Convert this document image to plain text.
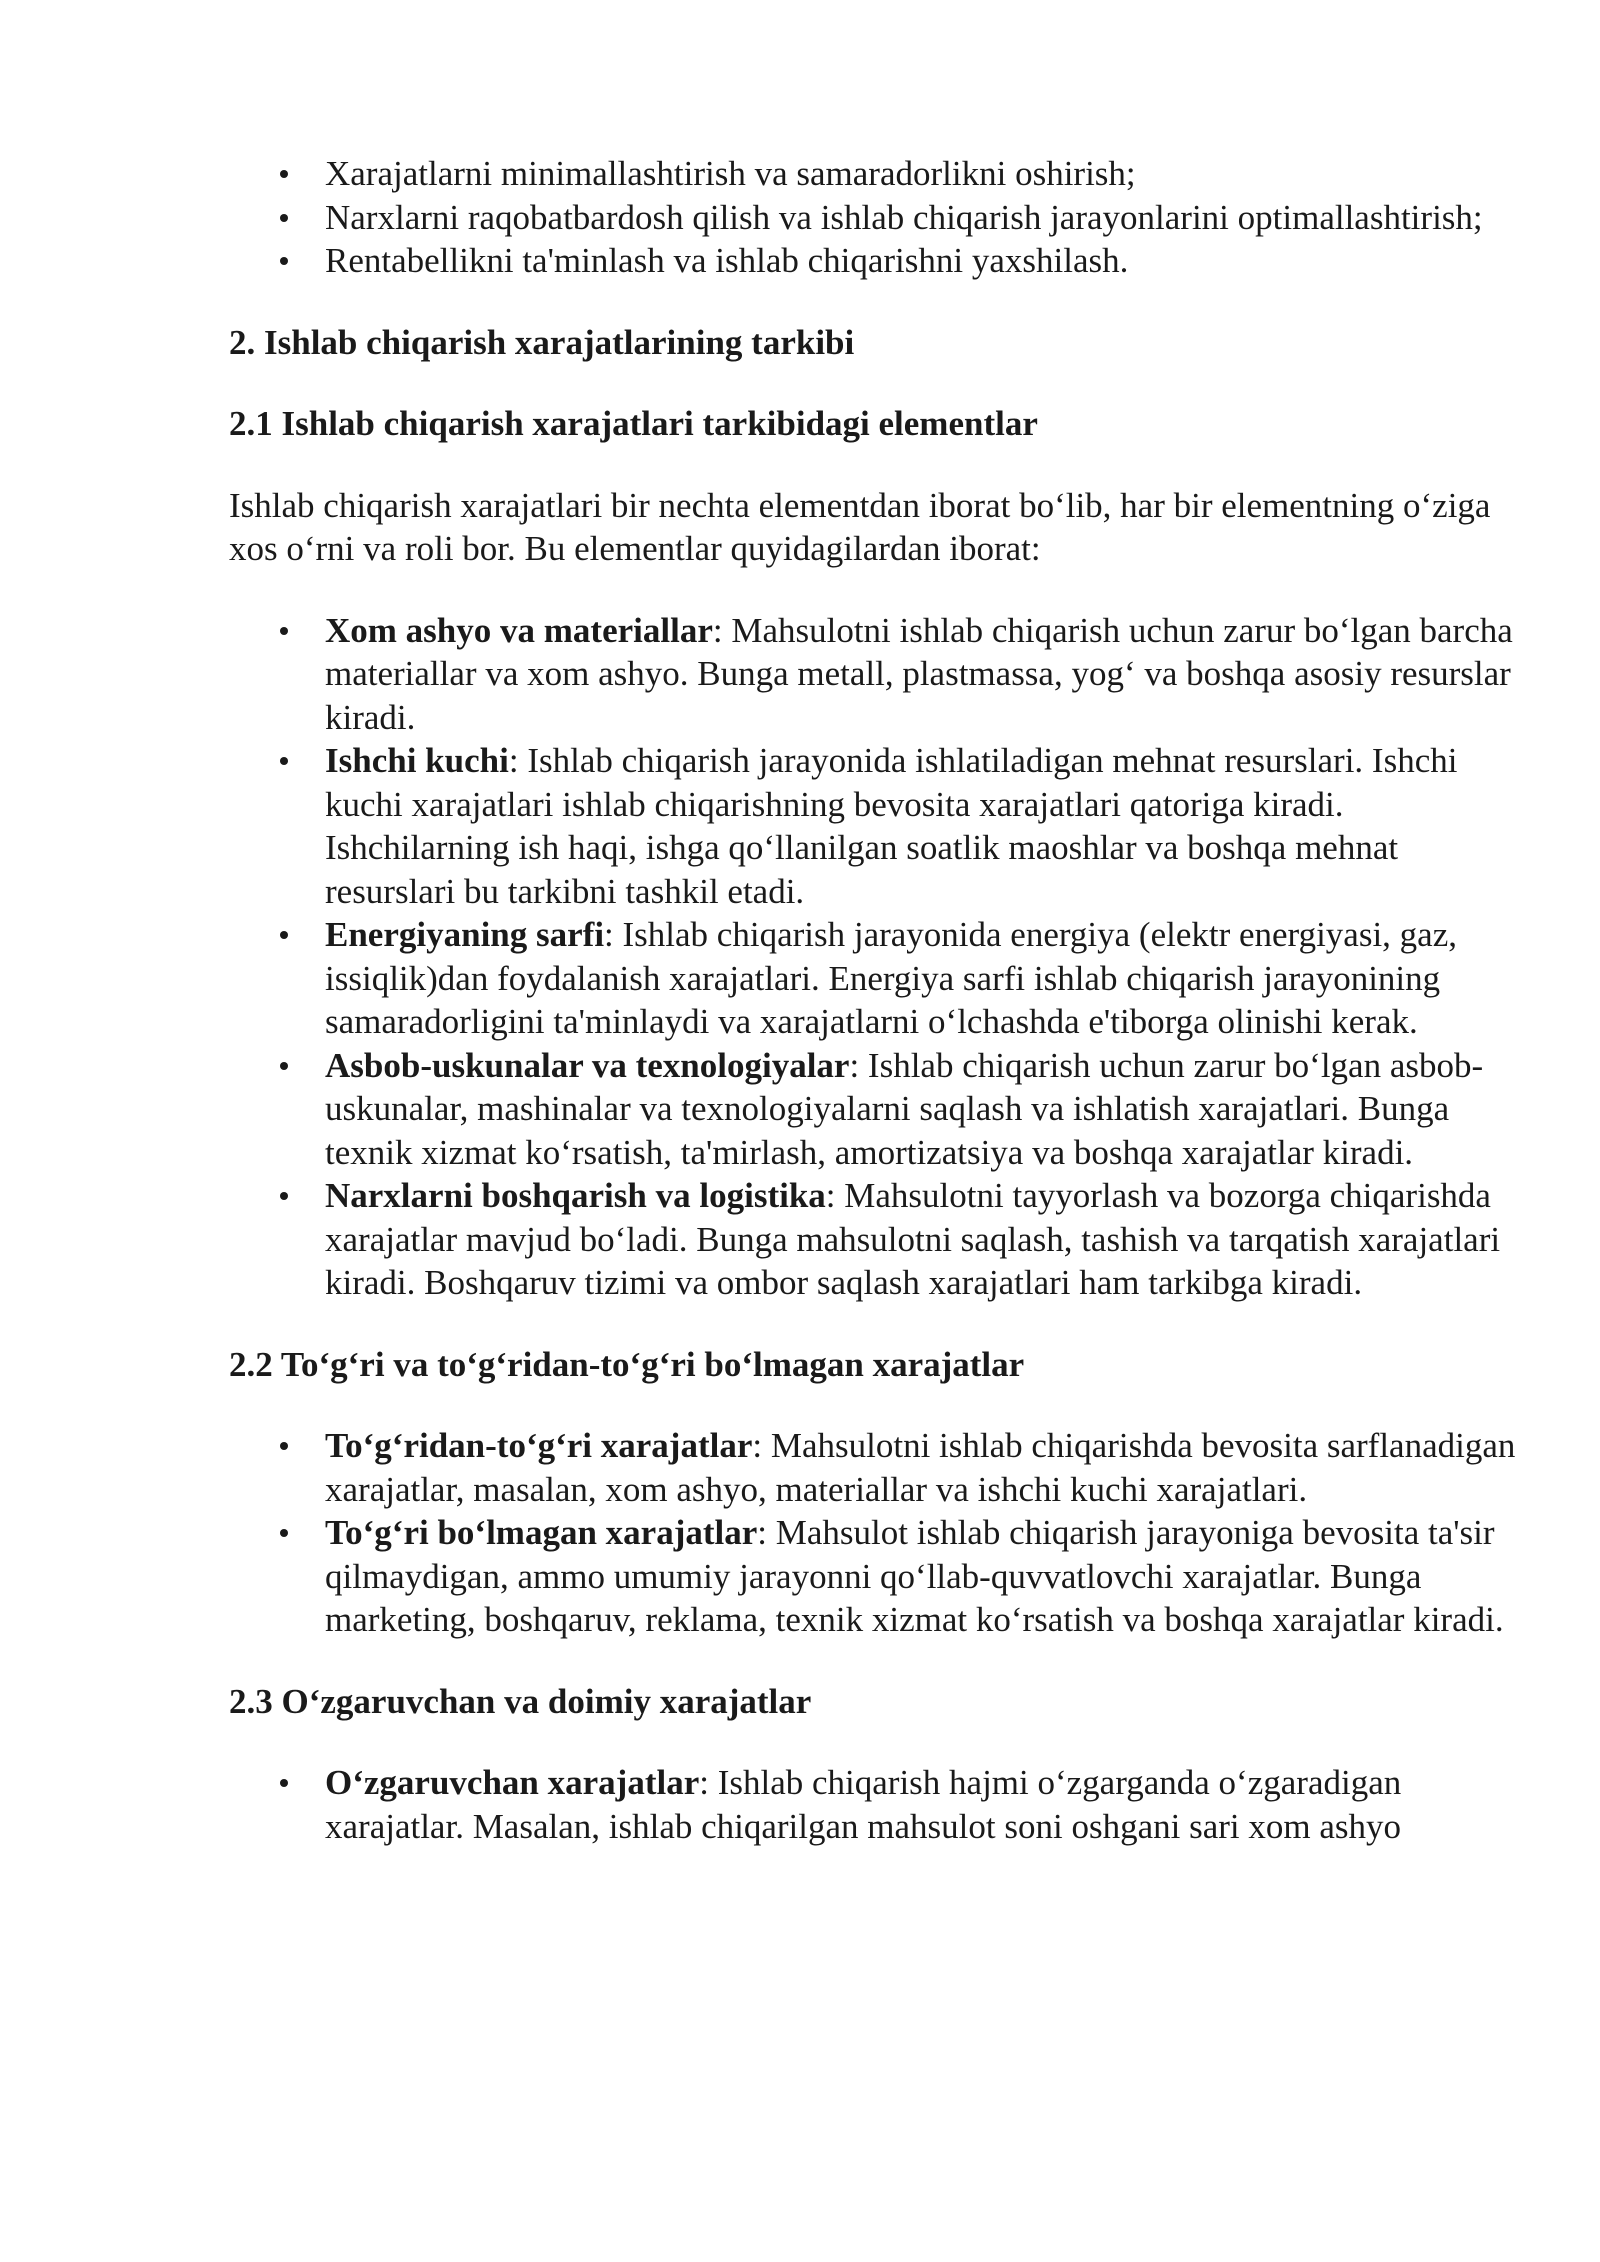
Xarajatlarni minimallashtirish va samaradorlikni oshirish;
Narxlarni raqobatbardosh qilish va ishlab chiqarish jarayonlarini optimallashtirish;
Rentabellikni ta'minlash va ishlab chiqarishni yaxshilash.
2. Ishlab chiqarish xarajatlarining tarkibi
2.1 Ishlab chiqarish xarajatlari tarkibidagi elementlar

Ishlab chiqarish xarajatlari bir nechta elementdan iborat bo‘lib, har bir elementning o‘ziga xos o‘rni va roli bor. Bu elementlar quyidagilardan iborat:

Xom ashyo va materiallar: Mahsulotni ishlab chiqarish uchun zarur bo‘lgan barcha materiallar va xom ashyo. Bunga metall, plastmassa, yog‘ va boshqa asosiy resurslar kiradi.
Ishchi kuchi: Ishlab chiqarish jarayonida ishlatiladigan mehnat resurslari. Ishchi kuchi xarajatlari ishlab chiqarishning bevosita xarajatlari qatoriga kiradi. Ishchilarning ish haqi, ishga qo‘llanilgan soatlik maoshlar va boshqa mehnat resurslari bu tarkibni tashkil etadi.
Energiyaning sarfi: Ishlab chiqarish jarayonida energiya (elektr energiyasi, gaz, issiqlik)dan foydalanish xarajatlari. Energiya sarfi ishlab chiqarish jarayonining samaradorligini ta'minlaydi va xarajatlarni o‘lchashda e'tiborga olinishi kerak.
Asbob-uskunalar va texnologiyalar: Ishlab chiqarish uchun zarur bo‘lgan asbob-uskunalar, mashinalar va texnologiyalarni saqlash va ishlatish xarajatlari. Bunga texnik xizmat ko‘rsatish, ta'mirlash, amortizatsiya va boshqa xarajatlar kiradi.
Narxlarni boshqarish va logistika: Mahsulotni tayyorlash va bozorga chiqarishda xarajatlar mavjud bo‘ladi. Bunga mahsulotni saqlash, tashish va tarqatish xarajatlari kiradi. Boshqaruv tizimi va ombor saqlash xarajatlari ham tarkibga kiradi.
2.2 To‘g‘ri va to‘g‘ridan-to‘g‘ri bo‘lmagan xarajatlar
To‘g‘ridan-to‘g‘ri xarajatlar: Mahsulotni ishlab chiqarishda bevosita sarflanadigan xarajatlar, masalan, xom ashyo, materiallar va ishchi kuchi xarajatlari.
To‘g‘ri bo‘lmagan xarajatlar: Mahsulot ishlab chiqarish jarayoniga bevosita ta'sir qilmaydigan, ammo umumiy jarayonni qo‘llab-quvvatlovchi xarajatlar. Bunga marketing, boshqaruv, reklama, texnik xizmat ko‘rsatish va boshqa xarajatlar kiradi.
2.3 O‘zgaruvchan va doimiy xarajatlar
O‘zgaruvchan xarajatlar: Ishlab chiqarish hajmi o‘zgarganda o‘zgaradigan xarajatlar. Masalan, ishlab chiqarilgan mahsulot soni oshgani sari xom ashyo
